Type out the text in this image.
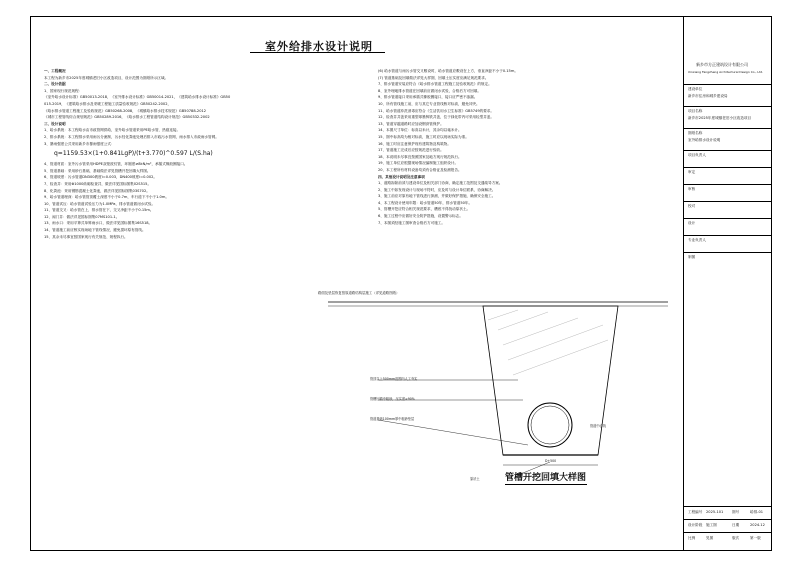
室外给排水设计说明

一、工程概况

本工程为新乡市2025年度城镇老旧小区改造项目，设计范围为图纸所示区域。

二、设计依据

1、国家现行规范规程：

《室外给水设计标准》GB50013-2018，《室外排水设计标准》GB50014-2021，《建筑给水排水设计标准》GB50

015-2019，《建筑给水排水及采暖工程施工质量验收规范》GB50242-2002，

《给水排水管道工程施工及验收规范》GB50268-2008，《城镇给水排水技术规范》GB50788-2012

《城市工程管线综合规划规范》GB50289-2016，《给水排水工程管道结构设计规范》GB50332-2002

三、设计说明

1、给水系统：本工程给水由市政管网供给，室外给水管道采用PE给水管，热熔连接。

2、排水系统：本工程排水采用雨污分流制，污水经化粪池处理后排入市政污水管网，雨水排入市政雨水管网。

3、暴雨强度公式采用新乡市暴雨强度公式：

q=1159.53×(1+0.841LgP)/(t+3.770)^0.597 L/(S.ha)

4、管道材质：室外污水管采用HDPE双壁波纹管，环刚度≥8kN/m²，承插式橡胶圈接口。

5、管道基础：采用砂石基础，基础做法详见管槽开挖回填大样图。

6、管道坡度：污水管道DN300坡度i=0.003，DN400坡度i=0.002。

7、检查井：采用Φ1000砖砌检查井，做法详见国标图集02S515。

8、化粪池：采用钢筋混凝土化粪池，做法详见国标图集03S702。

9、给水管道埋深：给水管管顶覆土深度不小于0.7m，车行道下不小于1.0m。

10、管道试压：给水管道试验压力为1.0MPa，排水管道做闭水试验。

11、管道交叉：给水管在上，排水管在下，交叉净距不小于0.15m。

12、阀门井：做法详见国标图集07MS101-1。

13、雨水口：采用平箅式单箅雨水口，做法详见国标图集16S518。

14、管道施工前应核实现场地下管线情况，避免损坏原有管线。

15、其余未尽事宜按国家现行有关规范、规程执行。

(6) 给水管道与雨污水管交叉敷设时，给水管道应敷设在上方，垂直净距不小于0.15m。

(7) 管道基础及回填做法详见大样图，回填土压实度应满足规范要求。

7、排水管道安装应符合《给水排水管道工程施工及验收规范》的规定。

8、室外埋地排水管道在回填前应做闭水试验，合格后方可回填。

9、排水管道接口采用承插式橡胶圈接口，接口应严密不渗漏。

10、所有管线施工前，应与其它专业管线核对标高，避免冲突。

11、给水管道冲洗消毒应符合《生活饮用水卫生标准》GB5749的要求。

12、检查井井盖采用重型球墨铸铁井盖，位于绿化带内可采用轻型井盖。

13、管道穿越道路时应加设钢套管保护。

14、本图尺寸单位：标高以米计，其余均以毫米计。

15、图中标高均为相对标高，施工时应以现场实际为准。

16、施工时应注意保护现有建筑物及构筑物。

17、管道施工完成后应按规范进行验收。

18、本说明未尽事宜按照国家及地方现行规范执行。

19、施工单位应根据现场情况编制施工组织设计。

20、本工程所有材料设备均须有合格证及检测报告。

四、其他设计说明及注意事项

1、道路拆除前须与建设单位及相关部门协商，确定施工范围及交通疏导方案。

2、施工中如发现设计与现场不符时，应及时与设计单位联系，协商解决。

3、施工前应对原有地下管线进行探测，并做好保护措施，确保安全施工。

4、本工程设计使用年限：给水管道50年，排水管道50年。

5、管槽开挖应符合相关规范要求，槽底不得扰动原状土。

6、施工过程中应做好安全防护措施，设置警示标志。

7、本图须经施工图审查合格后方可施工。

路面及垫层恢复按原道路结构层施工（详见道路图纸）
管顶以上500mm范围内人工夯实
管槽回填中粗砂，压实度≥90%
管道基础100mm厚中粗砂垫层
D+500
管道中心线
原状土	管槽开挖回填大样图
新乡市方正建筑设计有限公司
Xinxiang Fangzheng Architectural Design Co., Ltd.
建设单位
新乡市住房和城乡建设局
项目名称
新乡市2025年度城镇老旧小区改造项目
图纸名称
室外给排水设计说明
项目负责人
审定
审核
校对
设计
专业负责人
制图
工程编号 2025-101 图号	给排-01
设计阶段 施工图	日期	2024.12
比例	见图	版次	第一版
